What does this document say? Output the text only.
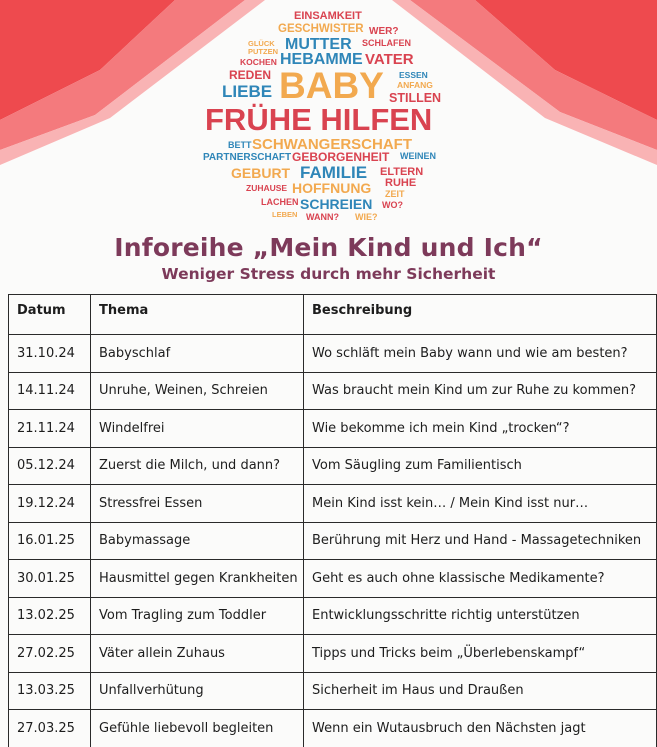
EINSAMKEIT
GESCHWISTER WER?
GLÜCK
PUTZEN MUTTER SCHLAFEN
KOCHEN HEBAMME VATER
REDEN	ESSEN
LIEBE BABY ANFANG
STILLEN
FRÜHE HILFEN
BETT SCHWANGERSCHAFT
PARTNERSCHAFT GEBORGENHEIT WEINEN
GEBURT FAMILIE ELTERN
ZUHAUSE HOFFNUNG RUHE
ZEIT
LACHEN SCHREIEN WO?
LEBEN WANN? WIE?
Inforeihe „Mein Kind und Ich“
Weniger Stress durch mehr Sicherheit
Datum	Thema	Beschreibung
31.10.24	Babyschlaf	Wo schläft mein Baby wann und wie am besten?
14.11.24	Unruhe, Weinen, Schreien	Was braucht mein Kind um zur Ruhe zu kommen?
21.11.24	Windelfrei	Wie bekomme ich mein Kind „trocken“?
05.12.24	Zuerst die Milch, und dann?	Vom Säugling zum Familientisch
19.12.24	Stressfrei Essen	Mein Kind isst kein… / Mein Kind isst nur…
16.01.25	Babymassage	Berührung mit Herz und Hand - Massagetechniken
30.01.25	Hausmittel gegen Krankheiten	Geht es auch ohne klassische Medikamente?
13.02.25	Vom Tragling zum Toddler	Entwicklungsschritte richtig unterstützen
27.02.25	Väter allein Zuhaus	Tipps und Tricks beim „Überlebenskampf“
13.03.25	Unfallverhütung	Sicherheit im Haus und Draußen
27.03.25	Gefühle liebevoll begleiten	Wenn ein Wutausbruch den Nächsten jagt
